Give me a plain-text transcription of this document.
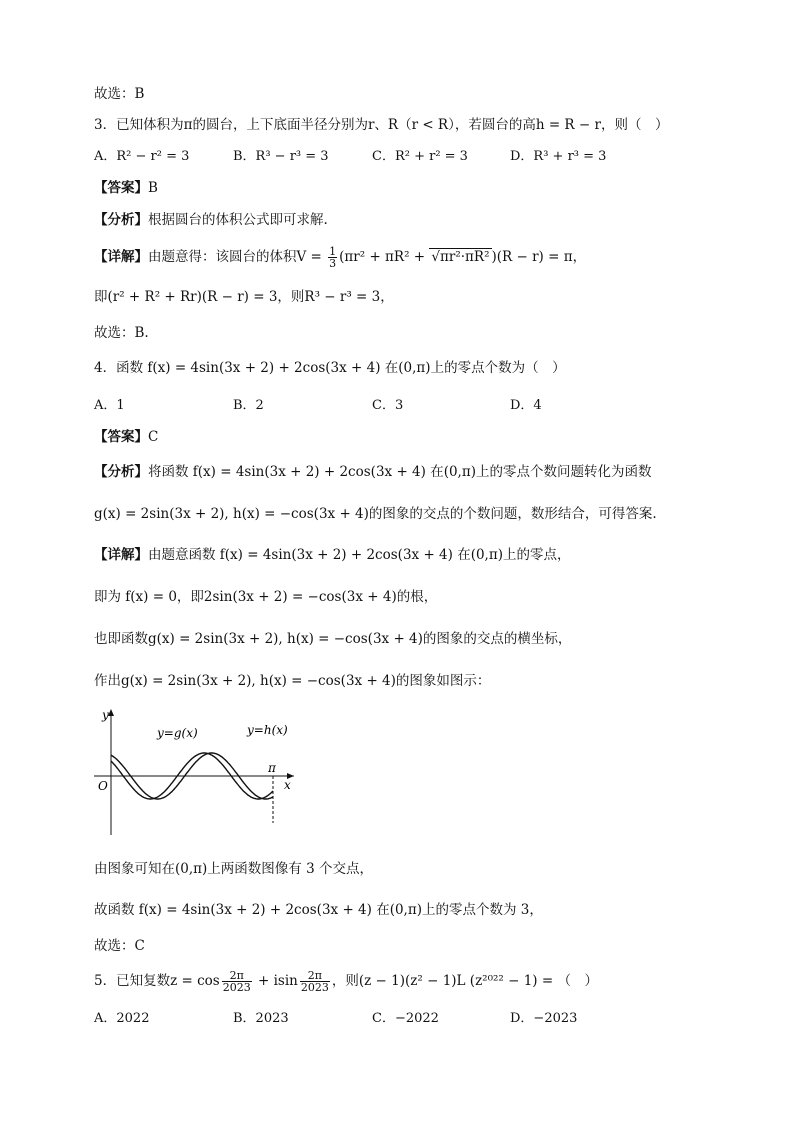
故选：B
3．已知体积为π的圆台，上下底面半径分别为r、R（r < R），若圆台的高h = R − r，则（　）
A．R² − r² = 3	B．R³ − r³ = 3	C．R² + r² = 3	D．R³ + r³ = 3
【答案】B
【分析】根据圆台的体积公式即可求解.
【详解】由题意得：该圆台的体积$V = \frac{1}{3} (\pi r^2 + \pi R^2 + √\pi r^2\cdot\pi R^2$ )(R − r) = π，
即(r² + R² + Rr)(R − r) = 3，则R³ − r³ = 3，
故选：B.
4．函数 f(x) = 4sin(3x + 2) + 2cos(3x + 4) 在(0,π)上的零点个数为（　）
A．1	B．2	C．3	D．4
【答案】C
【分析】将函数 f(x) = 4sin(3x + 2) + 2cos(3x + 4) 在(0,π)上的零点个数问题转化为函数
g(x) = 2sin(3x + 2), h(x) = −cos(3x + 4)的图象的交点的个数问题，数形结合，可得答案.
【详解】由题意函数 f(x) = 4sin(3x + 2) + 2cos(3x + 4) 在(0,π)上的零点，
即为 f(x) = 0，即2sin(3x + 2) = −cos(3x + 4)的根，
也即函数g(x) = 2sin(3x + 2), h(x) = −cos(3x + 4)的图象的交点的横坐标，
作出g(x) = 2sin(3x + 2), h(x) = −cos(3x + 4)的图象如图示：
y
x
O
π
y=g(x)	y=h(x)
由图象可知在(0,π)上两函数图像有 3 个交点，
故函数 f(x) = 4sin(3x + 2) + 2cos(3x + 4) 在(0,π)上的零点个数为 3，
故选：C
5．已知复数$z = \cos \frac{2\pi}{2023} + isin \frac{2\pi}{2023}$ ，则(z − 1)(z² − 1)L (z²⁰²² − 1) = （　）
A．2022	B．2023	C．−2022	D．−2023
